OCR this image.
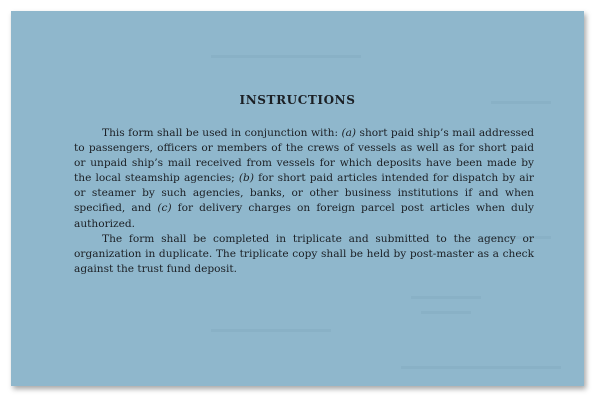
INSTRUCTIONS

This form shall be used in conjunction with: (a) short paid ship’s mail addressed to passengers, officers or members of the crews of vessels as well as for short paid or unpaid ship’s mail received from vessels for which deposits have been made by the local steamship agencies; (b) for short paid articles intended for dispatch by air or steamer by such agencies, banks, or other business institutions if and when specified, and (c) for delivery charges on foreign parcel post articles when duly authorized.

The form shall be completed in triplicate and submitted to the agency or organization in duplicate. The triplicate copy shall be held by post-master as a check against the trust fund deposit.
